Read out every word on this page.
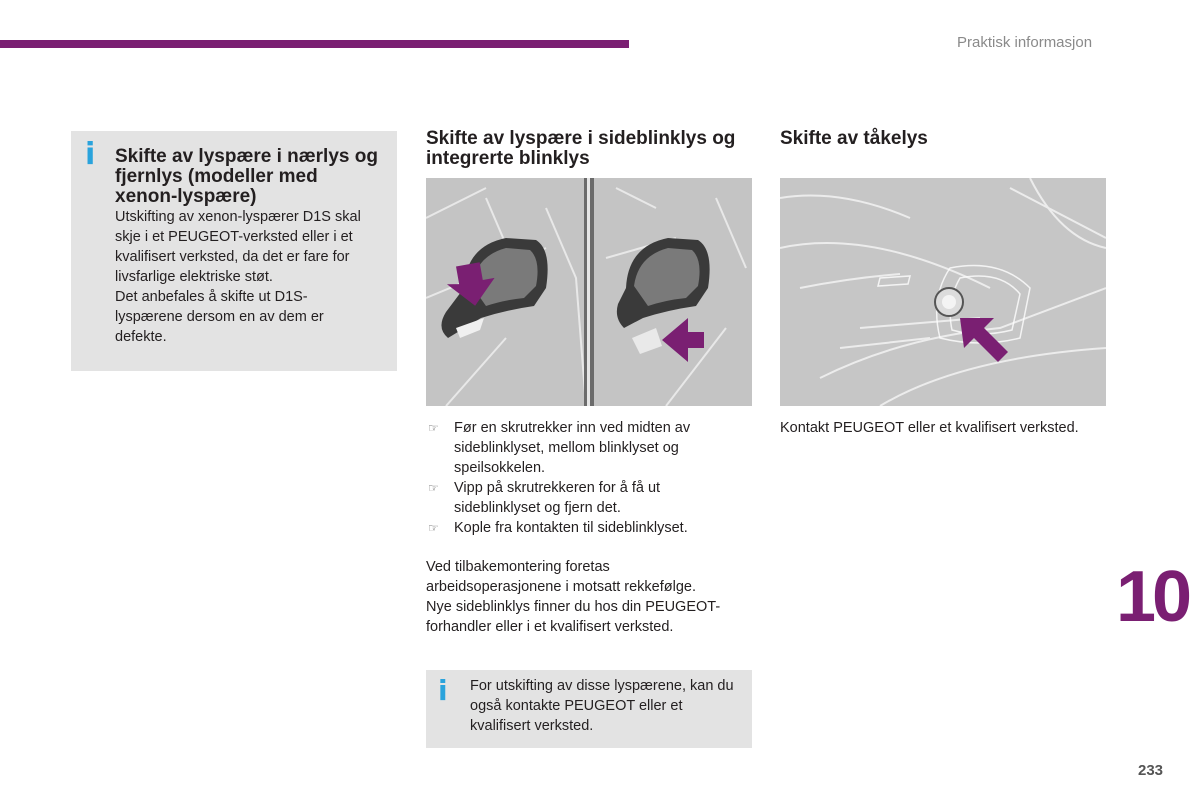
Praktisk informasjon
i Skifte av lyspære i nærlys og fjernlys (modeller med xenon-lyspære)
Utskifting av xenon-lyspærer D1S skal skje i et PEUGEOT-verksted eller i et kvalifisert verksted, da det er fare for livsfarlige elektriske støt.
Det anbefales å skifte ut D1S-lyspærene dersom en av dem er defekte.
Skifte av lyspære i sideblinklys og integrerte blinklys
☞ Før en skrutrekker inn ved midten av sideblinklyset, mellom blinklyset og speilsokkelen.
☞ Vipp på skrutrekkeren for å få ut sideblinklyset og fjern det.
☞ Kople fra kontakten til sideblinklyset.
Ved tilbakemontering foretas arbeidsoperasjonene i motsatt rekkefølge.
Nye sideblinklys finner du hos din PEUGEOT-forhandler eller i et kvalifisert verksted.
i For utskifting av disse lyspærene, kan du også kontakte PEUGEOT eller et kvalifisert verksted.
Skifte av tåkelys
Kontakt PEUGEOT eller et kvalifisert verksted.
10
233
